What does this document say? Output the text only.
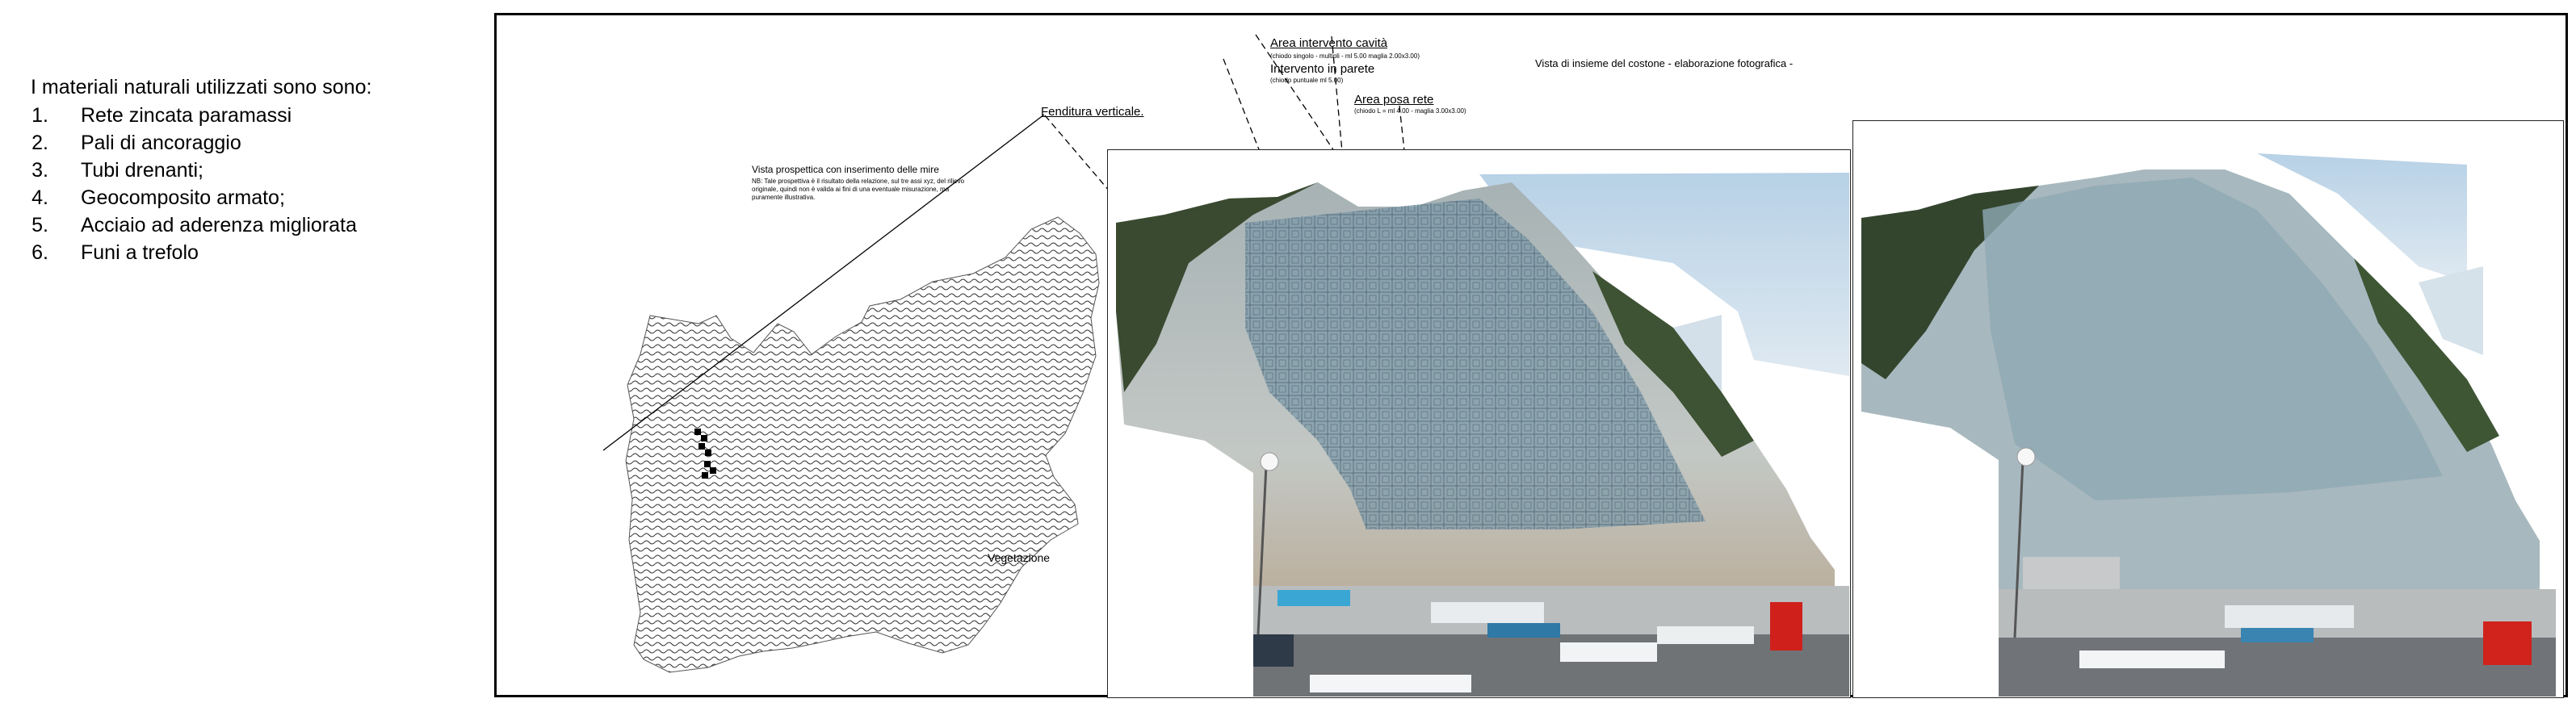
I materiali naturali utilizzati sono sono:
1.	Rete zincata paramassi
2.	Pali di ancoraggio
3.	Tubi drenanti;
4.	Geocomposito armato;
5.	Acciaio ad aderenza migliorata
6.	Funi a trefolo
Area intervento cavità
(chiodo singolo - multipli - ml 5.00 maglia 2.00x3.00)
Intervento in parete
(chiodo puntuale ml 5.00)
Area posa rete
(chiodo L = ml 4.00 - maglia 3.00x3.00)
Fenditura verticale.
Vista di insieme del costone - elaborazione fotografica -
Vista prospettica con inserimento delle mire
NB: Tale prospettiva è il risultato della relazione, sul tre assi xyz, del rilievo originale, quindi non è valida ai fini di una eventuale misurazione, ma puramente illustrativa.
Vegetazione
